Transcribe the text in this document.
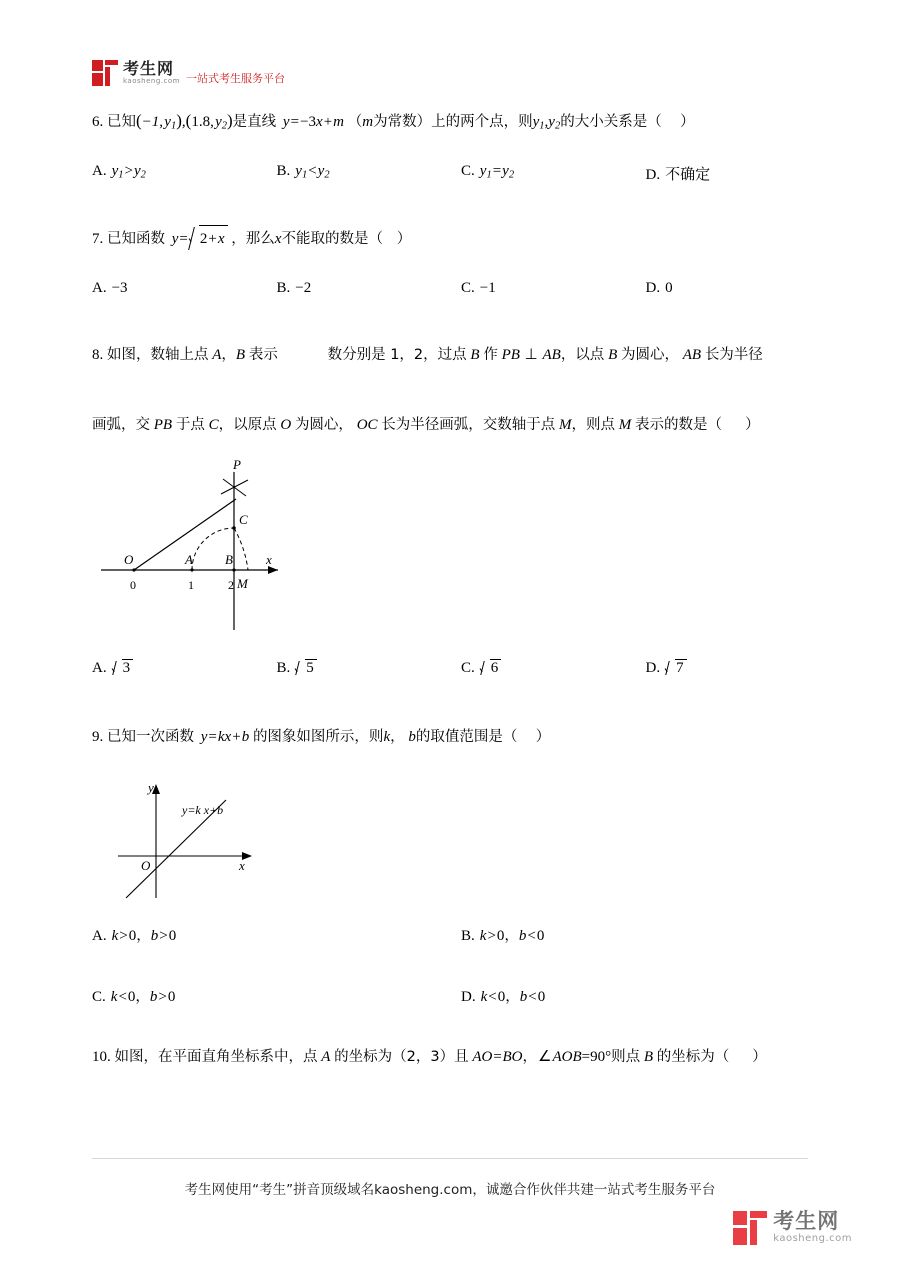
考生网
kaosheng.com 一站式考生服务平台
6. 已知(−1, $y_1),(1.8$, $y_2$)是直线  y=−3x+m （m为常数）上的两个点，则$y_1,y_2$的大小关系是（    ）
A. $y_1>y_2$	B. $y_1<y_2$	C. $y_1=y_2$	D. 不确定
7. 已知函数  y= 2+x ，那么x不能取的数是（   ）
A. −3	B. −2	C. −1	D. 0
8. 如图，数轴上点 A，B 表示	数分别是 1，2，过点 B 作 PB ⊥ AB，以点 B 为圆心， AB 长为半径
画弧，交 PB 于点 C，以原点 O 为圆心， OC 长为半径画弧，交数轴于点 M，则点 M 表示的数是（     ）
P
C
O	A B
M
x
0	1	2
A.	3	B.	5	C.	6	D.	7
9. 已知一次函数  y=kx+b 的图象如图所示，则k， b的取值范围是（    ）
y
x
O
y=k x+b
A. k>0，b>0	B. k>0，b<0
C. k<0，b>0	D. k<0，b<0
10. 如图，在平面直角坐标系中，点 A 的坐标为（2，3）且 AO=BO，∠AOB=90°则点 B 的坐标为（     ）
考生网使用“考生”拼音顶级域名kaosheng.com，诚邀合作伙伴共建一站式考生服务平台
考生网
kaosheng.com
